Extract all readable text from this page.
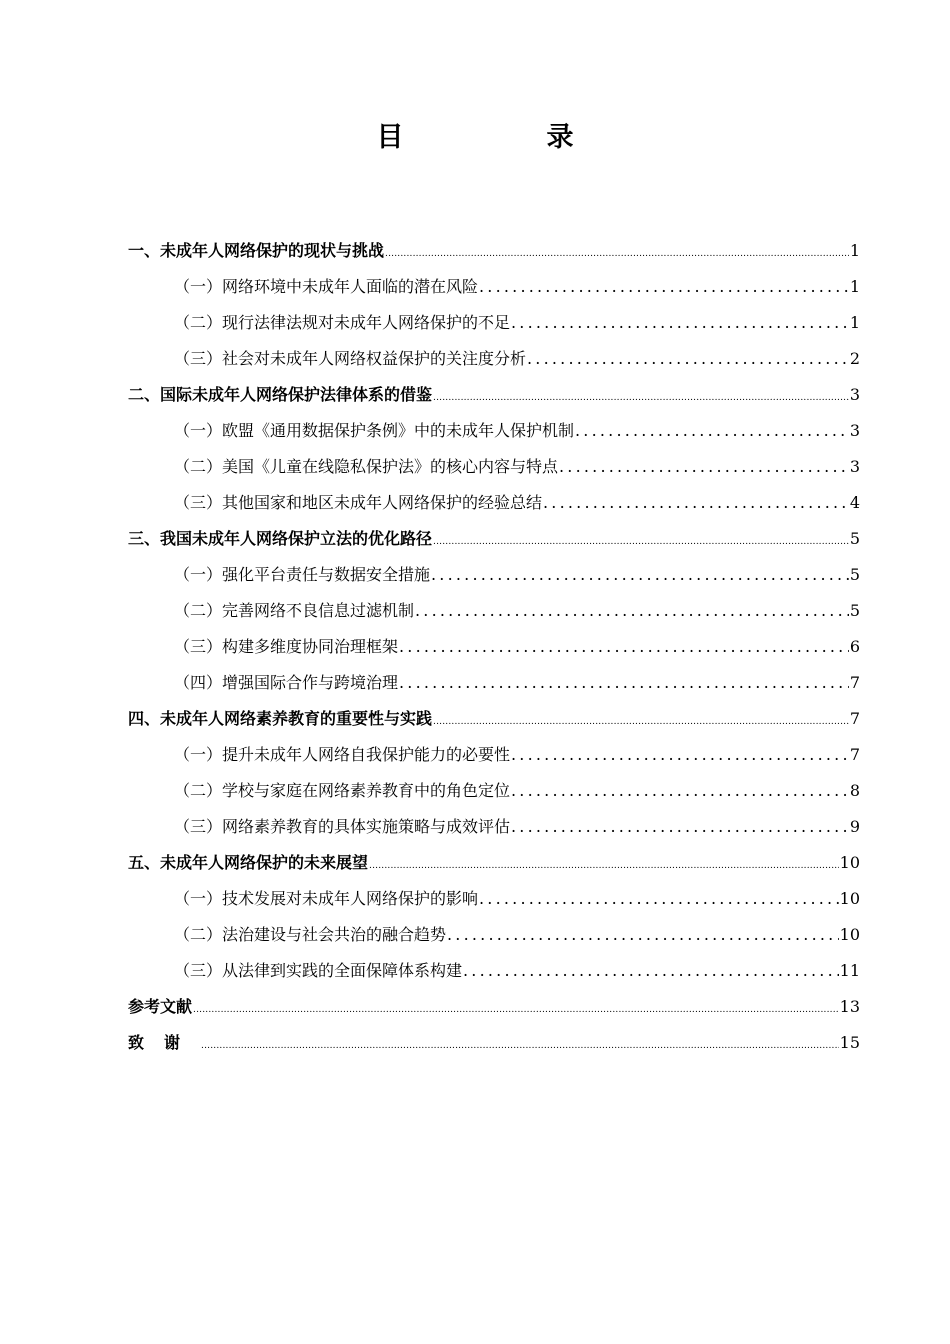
目　录
一、未成年人网络保护的现状与挑战 .....	1
（一）网络环境中未成年人面临的潜在风险 .....	1
（二）现行法律法规对未成年人网络保护的不足 .....	1
（三）社会对未成年人网络权益保护的关注度分析 .....	2
二、国际未成年人网络保护法律体系的借鉴 .....	3
（一）欧盟《通用数据保护条例》中的未成年人保护机制 .....	3
（二）美国《儿童在线隐私保护法》的核心内容与特点 .....	3
（三）其他国家和地区未成年人网络保护的经验总结 .....	4
三、我国未成年人网络保护立法的优化路径 .....	5
（一）强化平台责任与数据安全措施 .....	5
（二）完善网络不良信息过滤机制 .....	5
（三）构建多维度协同治理框架 .....	6
（四）增强国际合作与跨境治理 .....	7
四、未成年人网络素养教育的重要性与实践 .....	7
（一）提升未成年人网络自我保护能力的必要性 .....	7
（二）学校与家庭在网络素养教育中的角色定位 .....	8
（三）网络素养教育的具体实施策略与成效评估 .....	9
五、未成年人网络保护的未来展望 .....	10
（一）技术发展对未成年人网络保护的影响 .....	10
（二）法治建设与社会共治的融合趋势 .....	10
（三）从法律到实践的全面保障体系构建 .....	11
参考文献 .....	13
致谢 .....	15
